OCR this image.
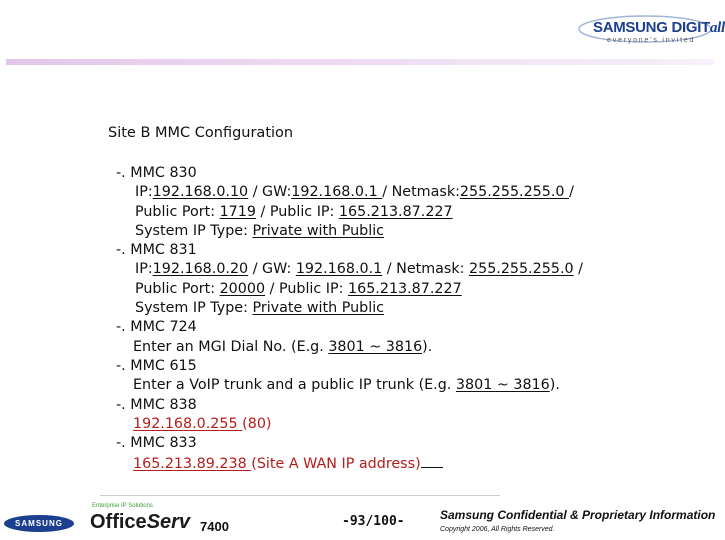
SAMSUNG DIGITall
everyone's invited
Site B MMC Configuration
-. MMC 830
IP:192.168.0.10 / GW:192.168.0.1 / Netmask:255.255.255.0 /
Public Port: 1719 / Public IP: 165.213.87.227
System IP Type: Private with Public
-. MMC 831
IP:192.168.0.20 / GW: 192.168.0.1 / Netmask: 255.255.255.0 /
Public Port: 20000 / Public IP: 165.213.87.227
System IP Type: Private with Public
-. MMC 724
Enter an MGI Dial No. (E.g. 3801 ~ 3816).
-. MMC 615
Enter a VoIP trunk and a public IP trunk (E.g. 3801 ~ 3816).
-. MMC 838
192.168.0.255 (80)
-. MMC 833
165.213.89.238 (Site A WAN IP address)
SAMSUNG
Enterprise IP Solutions
OfficeServ 7400	-93/100-	Samsung Confidential & Proprietary Information
Copyright 2006, All Rights Reserved.
